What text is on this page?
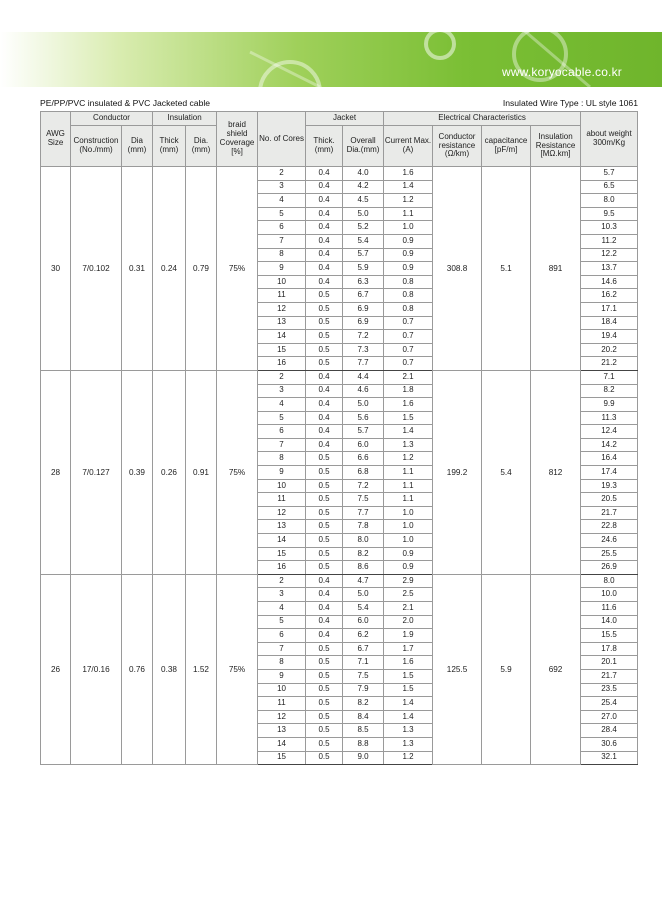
www.koryocable.co.kr
PE/PP/PVC insulated & PVC Jacketed cable	Insulated Wire Type : UL style 1061
AWG Size	Conductor		Insulation		braid shield Coverage [%]	No. of Cores	Jacket		Electrical Characteristics				about weight 300m/Kg
	Construction (No./mm)	Dia (mm)	Thick (mm)	Dia. (mm)			Thick. (mm)	Overall Dia.(mm)	Current Max.(A)	Conductor resistance (Ω/km)	capacitance [pF/m]	Insulation Resistance [MΩ.km]	
30	7/0.102	0.31	0.24	0.79	75%	2	0.4	4.0	1.6	308.8	5.1	891	5.7
						3	0.4	4.2	1.4				6.5
						4	0.4	4.5	1.2				8.0
						5	0.4	5.0	1.1				9.5
						6	0.4	5.2	1.0				10.3
						7	0.4	5.4	0.9				11.2
						8	0.4	5.7	0.9				12.2
						9	0.4	5.9	0.9				13.7
						10	0.4	6.3	0.8				14.6
						11	0.5	6.7	0.8				16.2
						12	0.5	6.9	0.8				17.1
						13	0.5	6.9	0.7				18.4
						14	0.5	7.2	0.7				19.4
						15	0.5	7.3	0.7				20.2
						16	0.5	7.7	0.7				21.2
28	7/0.127	0.39	0.26	0.91	75%	2	0.4	4.4	2.1	199.2	5.4	812	7.1
						3	0.4	4.6	1.8				8.2
						4	0.4	5.0	1.6				9.9
						5	0.4	5.6	1.5				11.3
						6	0.4	5.7	1.4				12.4
						7	0.4	6.0	1.3				14.2
						8	0.5	6.6	1.2				16.4
						9	0.5	6.8	1.1				17.4
						10	0.5	7.2	1.1				19.3
						11	0.5	7.5	1.1				20.5
						12	0.5	7.7	1.0				21.7
						13	0.5	7.8	1.0				22.8
						14	0.5	8.0	1.0				24.6
						15	0.5	8.2	0.9				25.5
						16	0.5	8.6	0.9				26.9
26	17/0.16	0.76	0.38	1.52	75%	2	0.4	4.7	2.9	125.5	5.9	692	8.0
						3	0.4	5.0	2.5				10.0
						4	0.4	5.4	2.1				11.6
						5	0.4	6.0	2.0				14.0
						6	0.4	6.2	1.9				15.5
						7	0.5	6.7	1.7				17.8
						8	0.5	7.1	1.6				20.1
						9	0.5	7.5	1.5				21.7
						10	0.5	7.9	1.5				23.5
						11	0.5	8.2	1.4				25.4
						12	0.5	8.4	1.4				27.0
						13	0.5	8.5	1.3				28.4
						14	0.5	8.8	1.3				30.6
						15	0.5	9.0	1.2				32.1
